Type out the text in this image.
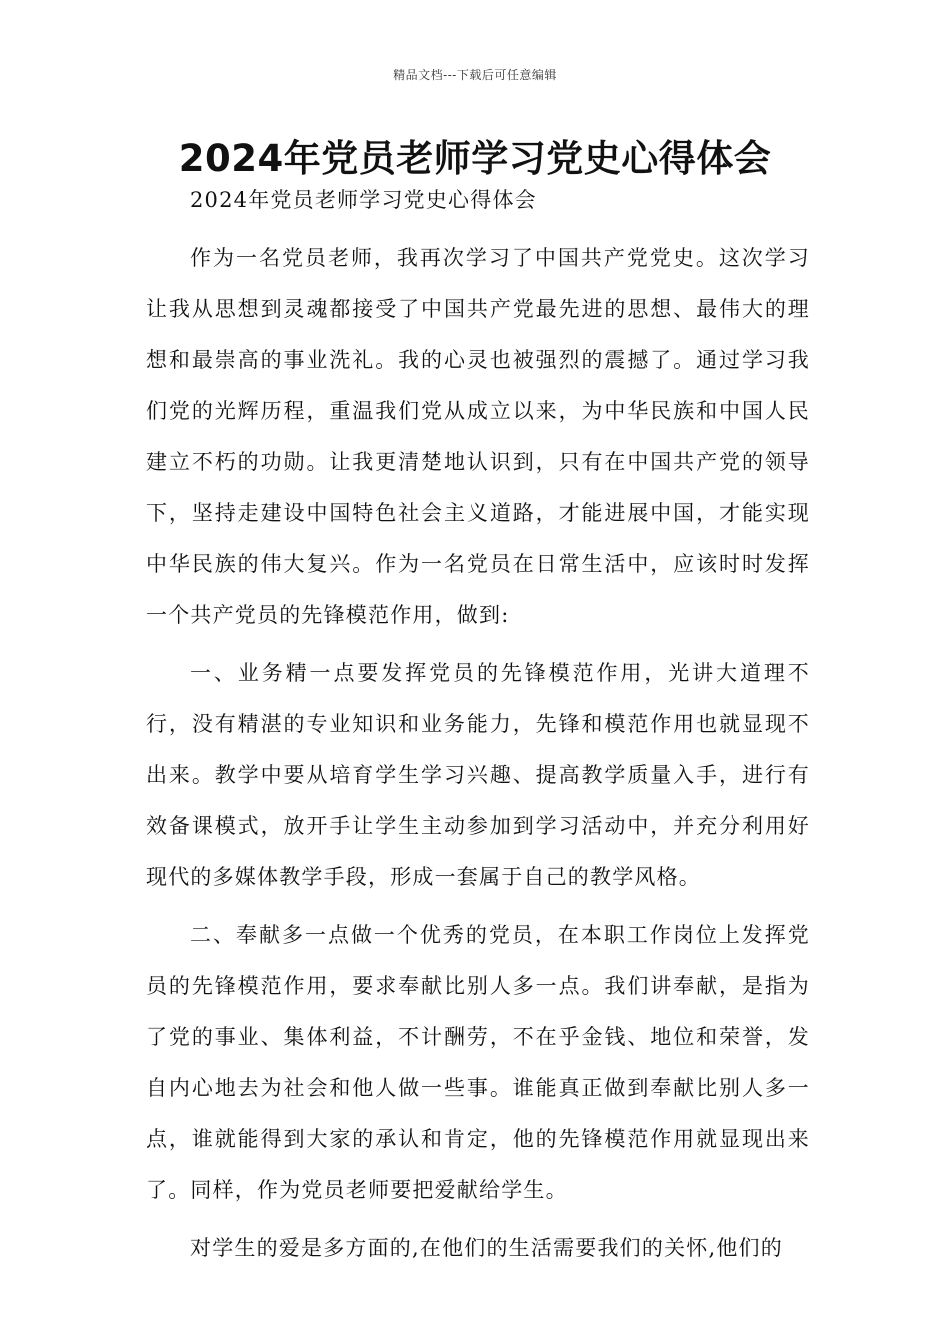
精品文档---下载后可任意编辑
2024年党员老师学习党史心得体会

2024年党员老师学习党史心得体会

作为一名党员老师，我再次学习了中国共产党党史。这次学习让我从思想到灵魂都接受了中国共产党最先进的思想、最伟大的理想和最崇高的事业洗礼。我的心灵也被强烈的震撼了。通过学习我们党的光辉历程，重温我们党从成立以来，为中华民族和中国人民建立不朽的功勋。让我更清楚地认识到，只有在中国共产党的领导下，坚持走建设中国特色社会主义道路，才能进展中国，才能实现中华民族的伟大复兴。作为一名党员在日常生活中，应该时时发挥一个共产党员的先锋模范作用，做到:

一、业务精一点要发挥党员的先锋模范作用，光讲大道理不行，没有精湛的专业知识和业务能力，先锋和模范作用也就显现不出来。教学中要从培育学生学习兴趣、提高教学质量入手，进行有效备课模式，放开手让学生主动参加到学习活动中，并充分利用好现代的多媒体教学手段，形成一套属于自己的教学风格。

二、奉献多一点做一个优秀的党员，在本职工作岗位上发挥党员的先锋模范作用，要求奉献比别人多一点。我们讲奉献，是指为了党的事业、集体利益，不计酬劳，不在乎金钱、地位和荣誉，发自内心地去为社会和他人做一些事。谁能真正做到奉献比别人多一点，谁就能得到大家的承认和肯定，他的先锋模范作用就显现出来了。同样，作为党员老师要把爱献给学生。

对学生的爱是多方面的,在他们的生活需要我们的关怀,他们的
